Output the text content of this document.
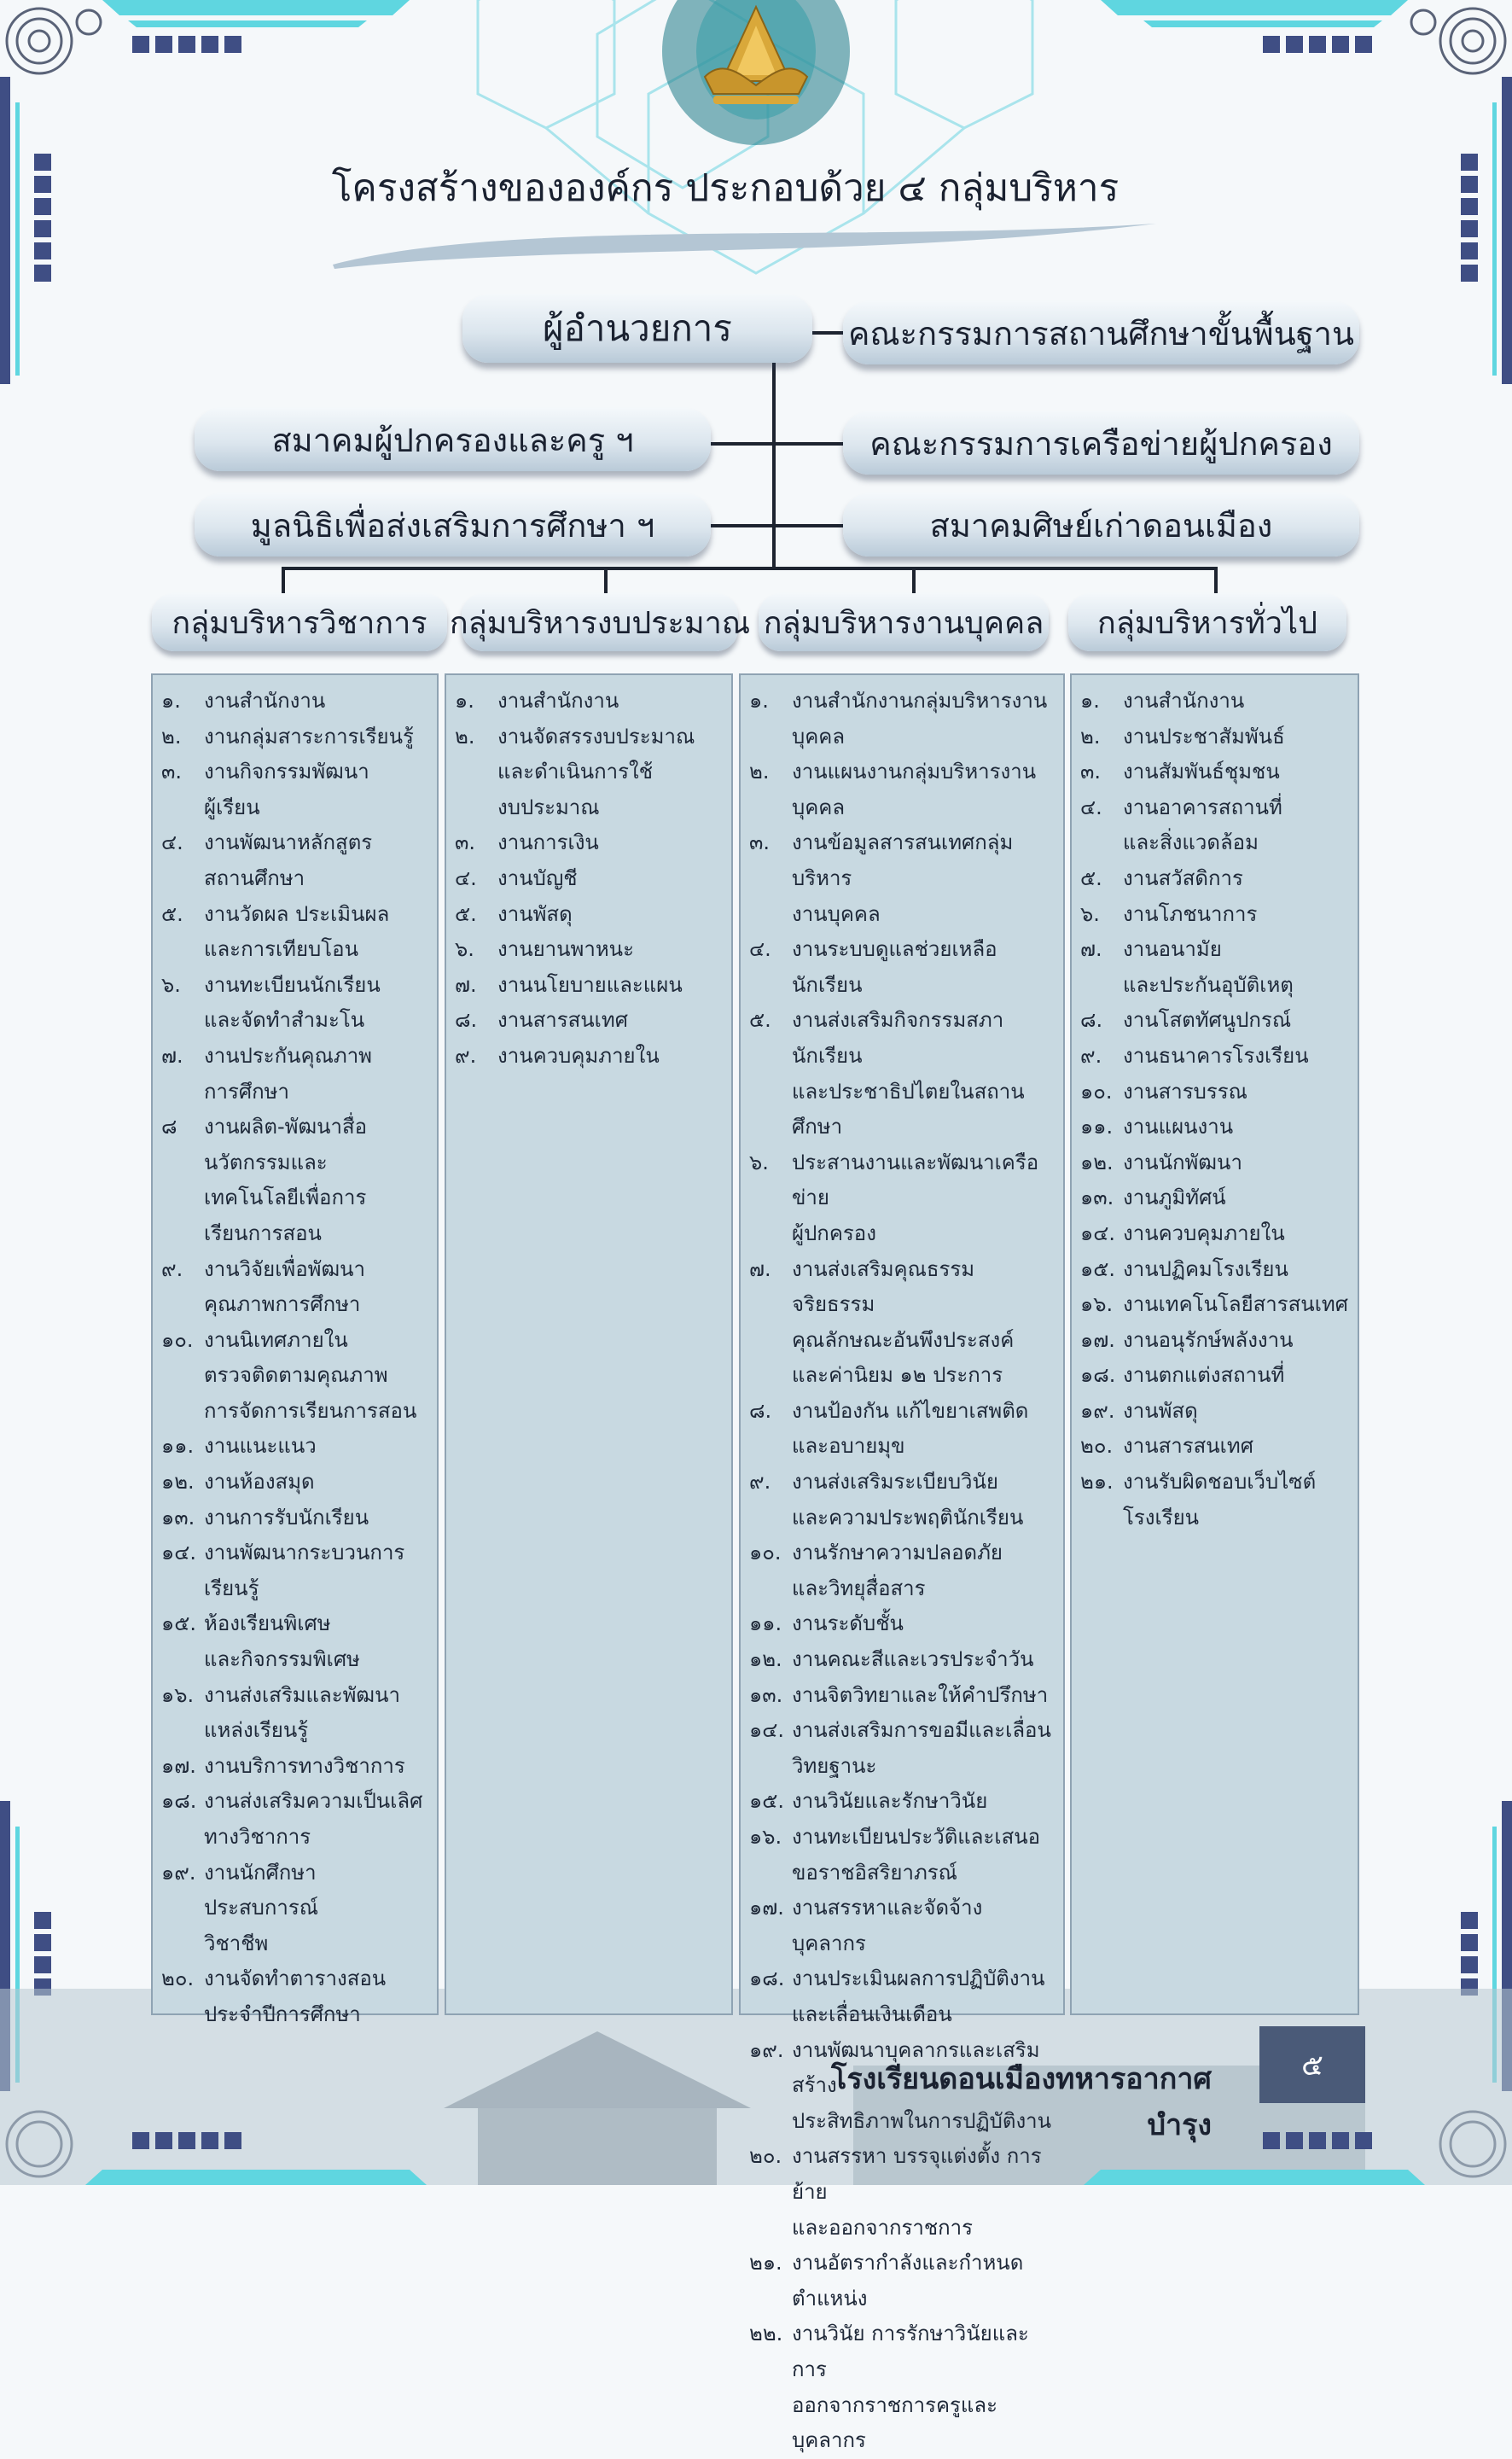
โครงสร้างขององค์กร ประกอบด้วย ๔ กลุ่มบริหาร
ผู้อำนวยการ	คณะกรรมการสถานศึกษาขั้นพื้นฐาน
สมาคมผู้ปกครองและครู ฯ	คณะกรรมการเครือข่ายผู้ปกครอง
มูลนิธิเพื่อส่งเสริมการศึกษา ฯ	สมาคมศิษย์เก่าดอนเมือง
กลุ่มบริหารวิชาการ กลุ่มบริหารงบประมาณ กลุ่มบริหารงานบุคคล	กลุ่มบริหารทั่วไป
๑.	งานสำนักงาน
๒.	งานกลุ่มสาระการเรียนรู้
๓.	งานกิจกรรมพัฒนา
ผู้เรียน
๔.	งานพัฒนาหลักสูตร
สถานศึกษา
๕.	งานวัดผล ประเมินผล
และการเทียบโอน
๖.	งานทะเบียนนักเรียน
และจัดทำสำมะโน
๗.	งานประกันคุณภาพ
การศึกษา
๘	งานผลิต-พัฒนาสื่อ
นวัตกรรมและ
เทคโนโลยีเพื่อการ
เรียนการสอน
๙.	งานวิจัยเพื่อพัฒนา
คุณภาพการศึกษา
๑๐. งานนิเทศภายใน
ตรวจติดตามคุณภาพ
การจัดการเรียนการสอน
๑๑. งานแนะแนว
๑๒. งานห้องสมุด
๑๓. งานการรับนักเรียน
๑๔. งานพัฒนากระบวนการ
เรียนรู้
๑๕. ห้องเรียนพิเศษ
และกิจกรรมพิเศษ
๑๖. งานส่งเสริมและพัฒนา
แหล่งเรียนรู้
๑๗. งานบริการทางวิชาการ
๑๘. งานส่งเสริมความเป็นเลิศ
ทางวิชาการ
๑๙. งานนักศึกษาประสบการณ์
วิชาชีพ
๒๐. งานจัดทำตารางสอน
ประจำปีการศึกษา
๑.	งานสำนักงาน
๒.	งานจัดสรรงบประมาณ
และดำเนินการใช้
งบประมาณ
๓.	งานการเงิน
๔.	งานบัญชี
๕.	งานพัสดุ
๖.	งานยานพาหนะ
๗.	งานนโยบายและแผน
๘. งานสารสนเทศ
๙.	งานควบคุมภายใน
๑.	งานสำนักงานกลุ่มบริหารงานบุคคล
๒.	งานแผนงานกลุ่มบริหารงานบุคคล
๓.	งานข้อมูลสารสนเทศกลุ่มบริหาร
งานบุคคล
๔.	งานระบบดูแลช่วยเหลือนักเรียน
๕.	งานส่งเสริมกิจกรรมสภานักเรียน
และประชาธิปไตยในสถานศึกษา
๖.	ประสานงานและพัฒนาเครือข่าย
ผู้ปกครอง
๗.	งานส่งเสริมคุณธรรม จริยธรรม
คุณลักษณะอันพึงประสงค์
และค่านิยม ๑๒ ประการ
๘. งานป้องกัน แก้ไขยาเสพติด
และอบายมุข
๙.	งานส่งเสริมระเบียบวินัย
และความประพฤตินักเรียน
๑๐. งานรักษาความปลอดภัย
และวิทยุสื่อสาร
๑๑. งานระดับชั้น
๑๒. งานคณะสีและเวรประจำวัน
๑๓. งานจิตวิทยาและให้คำปรึกษา
๑๔. งานส่งเสริมการขอมีและเลื่อน
วิทยฐานะ
๑๕. งานวินัยและรักษาวินัย
๑๖. งานทะเบียนประวัติและเสนอ
ขอราชอิสริยาภรณ์
๑๗. งานสรรหาและจัดจ้างบุคลากร
๑๘. งานประเมินผลการปฏิบัติงาน
และเลื่อนเงินเดือน
๑๙. งานพัฒนาบุคลากรและเสริมสร้าง
ประสิทธิภาพในการปฏิบัติงาน
๒๐. งานสรรหา บรรจุแต่งตั้ง การย้าย
และออกจากราชการ
๒๑. งานอัตรากำลังและกำหนดตำแหน่ง
๒๒. งานวินัย การรักษาวินัยและการ
ออกจากราชการครูและบุคลากร
๑.	งานสำนักงาน
๒.	งานประชาสัมพันธ์
๓.	งานสัมพันธ์ชุมชน
๔.	งานอาคารสถานที่
และสิ่งแวดล้อม
๕.	งานสวัสดิการ
๖.	งานโภชนาการ
๗.	งานอนามัย
และประกันอุบัติเหตุ
๘. งานโสตทัศนูปกรณ์
๙.	งานธนาคารโรงเรียน
๑๐. งานสารบรรณ
๑๑. งานแผนงาน
๑๒. งานนักพัฒนา
๑๓. งานภูมิทัศน์
๑๔. งานควบคุมภายใน
๑๕. งานปฏิคมโรงเรียน
๑๖. งานเทคโนโลยีสารสนเทศ
๑๗. งานอนุรักษ์พลังงาน
๑๘. งานตกแต่งสถานที่
๑๙. งานพัสดุ
๒๐. งานสารสนเทศ
๒๑. งานรับผิดชอบเว็บไซต์
โรงเรียน
โรงเรียนดอนเมืองทหารอากาศบำรุง
๕
